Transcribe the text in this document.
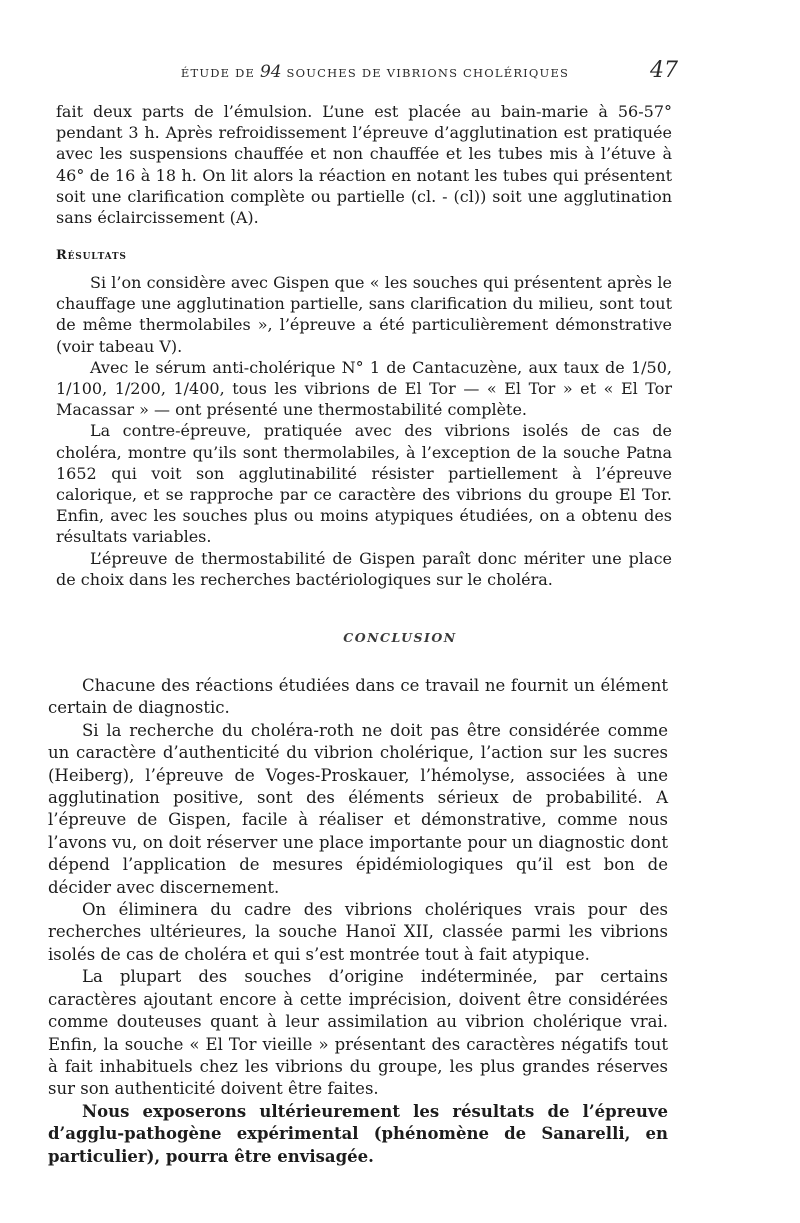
ÉTUDE DE 94 SOUCHES DE VIBRIONS CHOLÉRIQUES	47

fait deux parts de l’émulsion. L’une est placée au bain-marie à 56-57° pendant 3 h. Après refroidissement l’épreuve d’agglutination est pratiquée avec les suspensions chauffée et non chauffée et les tubes mis à l’étuve à 46° de 16 à 18 h. On lit alors la réaction en notant les tubes qui présentent soit une clarification complète ou partielle (cl. - (cl)) soit une agglutination sans éclaircissement (A).

Résultats

Si l’on considère avec Gispen que « les souches qui présentent après le chauffage une agglutination partielle, sans clarification du milieu, sont tout de même thermolabiles », l’épreuve a été particulièrement démonstrative (voir tabeau V).

Avec le sérum anti-cholérique N° 1 de Cantacuzène, aux taux de 1/50, 1/100, 1/200, 1/400, tous les vibrions de El Tor — « El Tor » et « El Tor Macassar » — ont présenté une thermostabilité complète.

La contre-épreuve, pratiquée avec des vibrions isolés de cas de choléra, montre qu’ils sont thermolabiles, à l’exception de la souche Patna 1652 qui voit son agglutinabilité résister partiellement à l’épreuve calorique, et se rapproche par ce caractère des vibrions du groupe El Tor. Enfin, avec les souches plus ou moins atypiques étudiées, on a obtenu des résultats variables.

L’épreuve de thermostabilité de Gispen paraît donc mériter une place de choix dans les recherches bactériologiques sur le choléra.

CONCLUSION

Chacune des réactions étudiées dans ce travail ne fournit un élément certain de diagnostic.

Si la recherche du choléra-roth ne doit pas être considérée comme un caractère d’authenticité du vibrion cholérique, l’action sur les sucres (Heiberg), l’épreuve de Voges-Proskauer, l’hémolyse, associées à une agglutination positive, sont des éléments sérieux de probabilité. A l’épreuve de Gispen, facile à réaliser et démonstrative, comme nous l’avons vu, on doit réserver une place importante pour un diagnostic dont dépend l’application de mesures épidémiologiques qu’il est bon de décider avec discernement.

On éliminera du cadre des vibrions cholériques vrais pour des recherches ultérieures, la souche Hanoï XII, classée parmi les vibrions isolés de cas de choléra et qui s’est montrée tout à fait atypique.

La plupart des souches d’origine indéterminée, par certains caractères ajoutant encore à cette imprécision, doivent être considérées comme douteuses quant à leur assimilation au vibrion cholérique vrai. Enfin, la souche « El Tor vieille » présentant des caractères négatifs tout à fait inhabituels chez les vibrions du groupe, les plus grandes réserves sur son authenticité doivent être faites.

Nous exposerons ultérieurement les résultats de l’épreuve d’agglu-pathogène expérimental (phénomène de Sanarelli, en particulier), pourra être envisagée.
